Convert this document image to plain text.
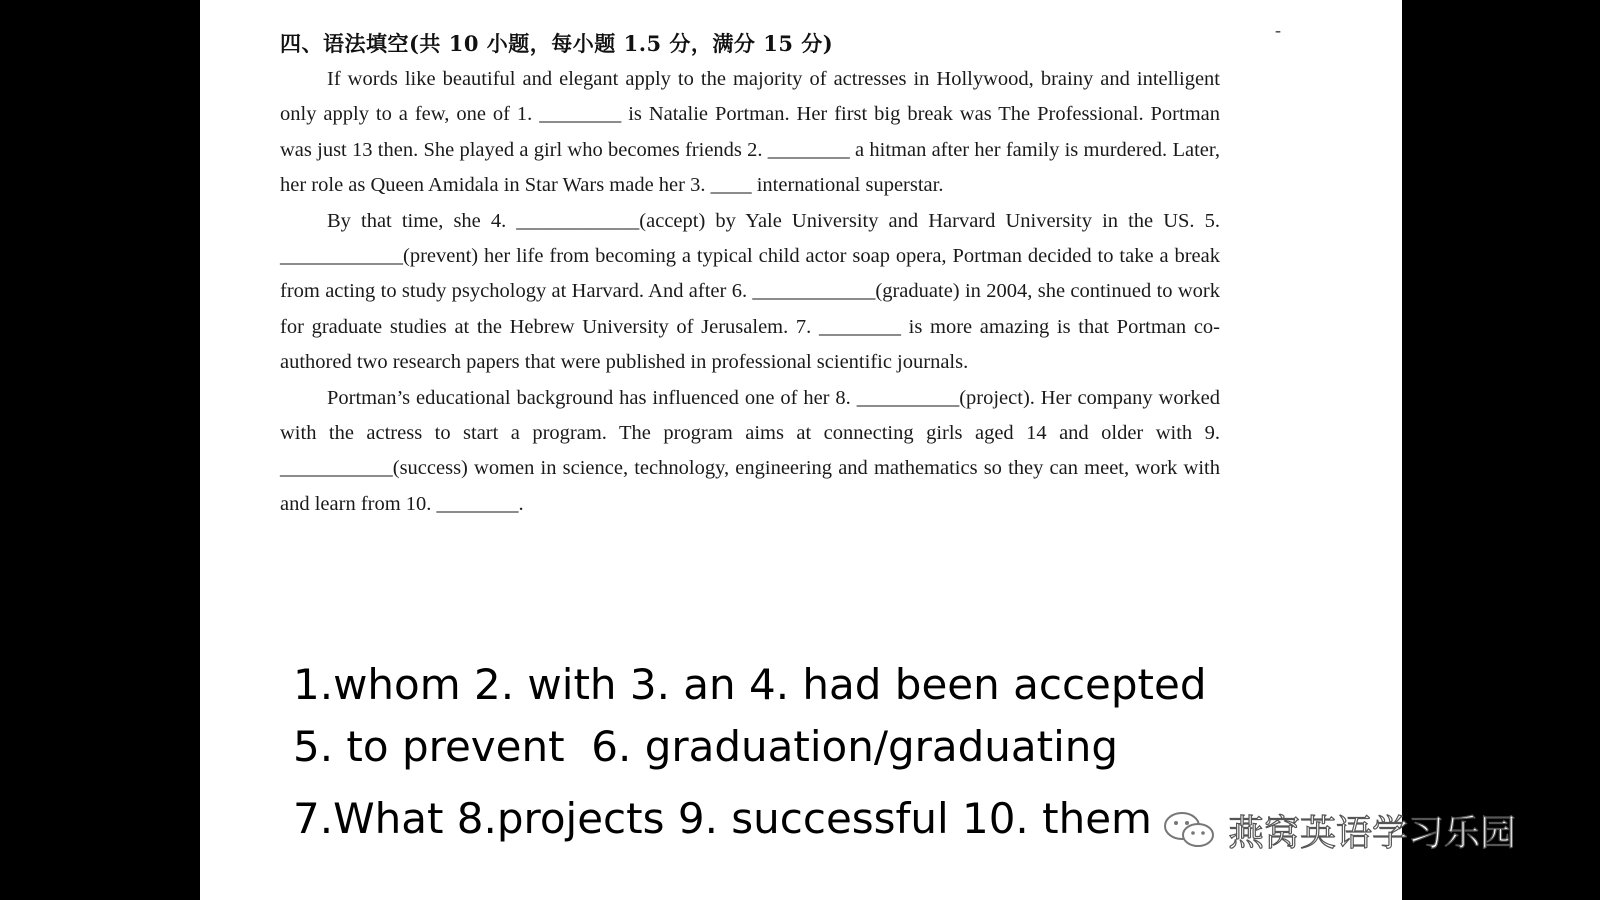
-
四、语法填空(共 10 小题，每小题 1.5 分，满分 15 分)

If words like beautiful and elegant apply to the majority of actresses in Hollywood, brainy and intelligent only apply to a few, one of 1. ________ is Natalie Portman. Her first big break was The Professional. Portman was just 13 then. She played a girl who becomes friends 2. ________ a hitman after her family is murdered. Later, her role as Queen Amidala in Star Wars made her 3. ____ international superstar.

By that time, she 4. ____________(accept) by Yale University and Harvard University in the US. 5. ____________(prevent) her life from becoming a typical child actor soap opera, Portman decided to take a break from acting to study psychology at Harvard. And after 6. ____________(graduate) in 2004, she continued to work for graduate studies at the Hebrew University of Jerusalem. 7. ________ is more amazing is that Portman co-authored two research papers that were published in professional scientific journals.

Portman’s educational background has influenced one of her 8. __________(project). Her company worked with the actress to start a program. The program aims at connecting girls aged 14 and older with 9. ___________(success) women in science, technology, engineering and mathematics so they can meet, work with and learn from 10. ________.

1.whom 2. with 3. an 4. had been accepted
5. to prevent  6. graduation/graduating
7.What 8.projects 9. successful 10. them 燕窝英语学习乐园
